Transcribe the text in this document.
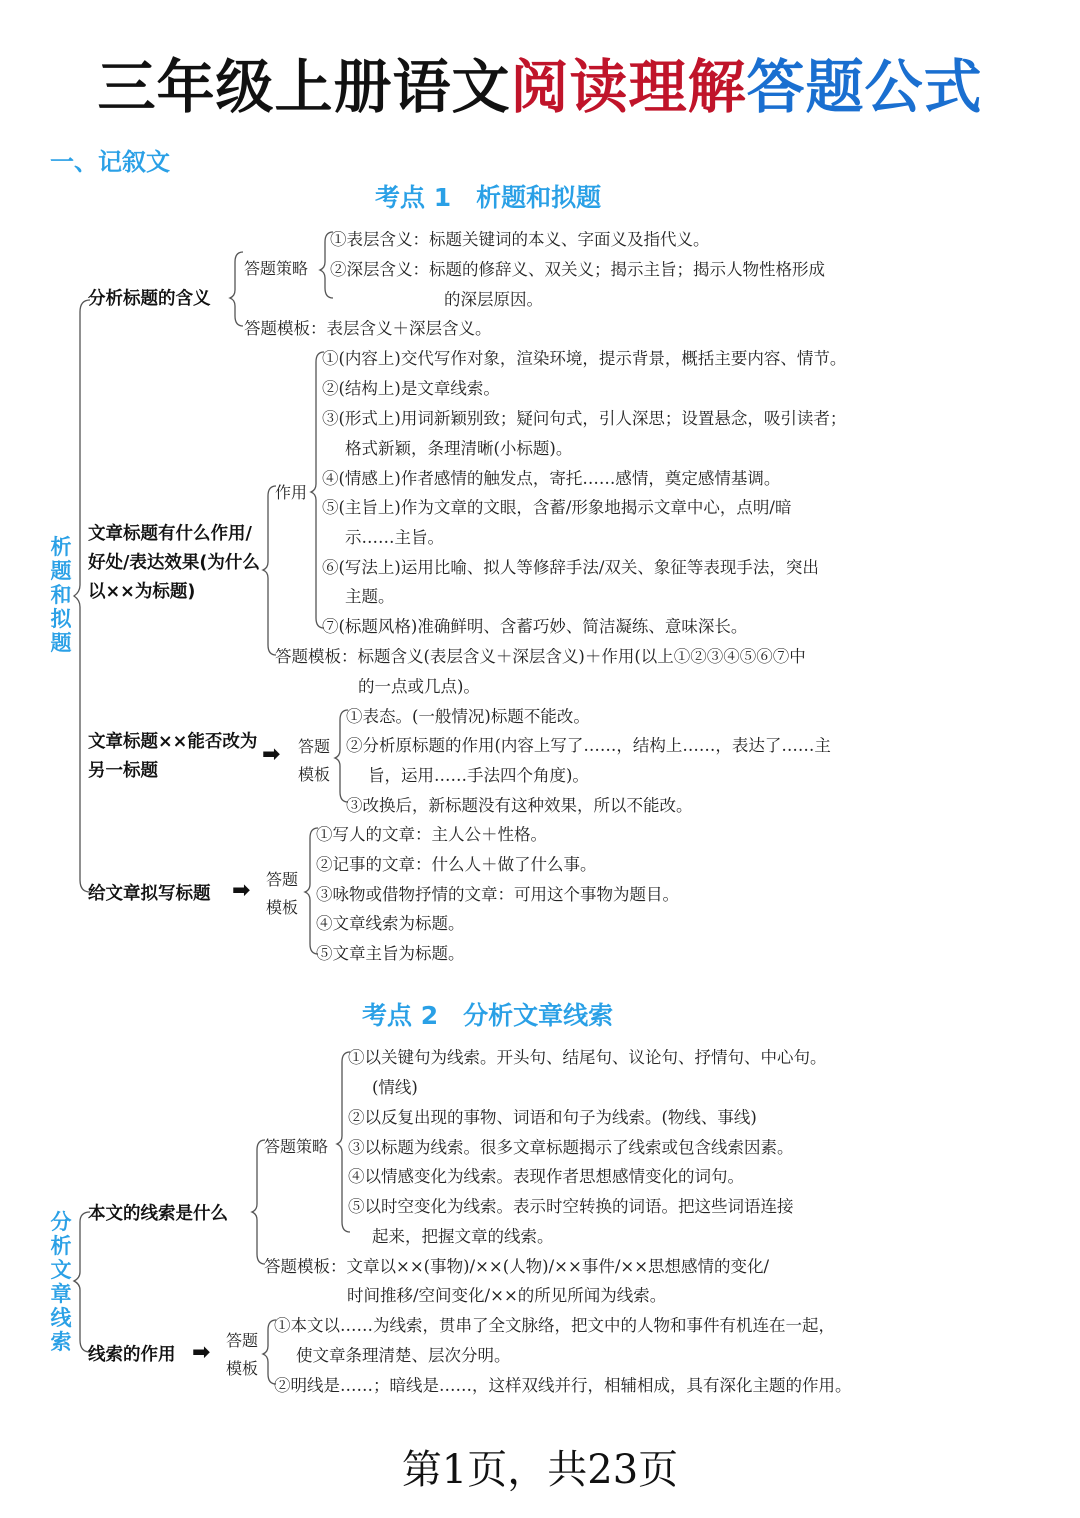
三年级上册语文阅读理解答题公式
一、记叙文
考点 1　析题和拟题
析题和拟题
分析文章线索
分析标题的含义
答题策略
①表层含义：标题关键词的本义、字面义及指代义。
②深层含义：标题的修辞义、双关义；揭示主旨；揭示人物性格形成
的深层原因。
答题模板：表层含义＋深层含义。
文章标题有什么作用/好处/表达效果(为什么以××为标题)
作用
①(内容上)交代写作对象，渲染环境，提示背景，概括主要内容、情节。
②(结构上)是文章线索。
③(形式上)用词新颖别致；疑问句式，引人深思；设置悬念，吸引读者；
格式新颖，条理清晰(小标题)。
④(情感上)作者感情的触发点，寄托……感情，奠定感情基调。
⑤(主旨上)作为文章的文眼，含蓄/形象地揭示文章中心，点明/暗
示……主旨。
⑥(写法上)运用比喻、拟人等修辞手法/双关、象征等表现手法，突出
主题。
⑦(标题风格)准确鲜明、含蓄巧妙、简洁凝练、意味深长。
答题模板：标题含义(表层含义＋深层含义)＋作用(以上①②③④⑤⑥⑦中
的一点或几点)。
文章标题××能否改为另一标题
➡ 答题模板
①表态。(一般情况)标题不能改。
②分析原标题的作用(内容上写了……，结构上……，表达了……主
旨，运用……手法四个角度)。
③改换后，新标题没有这种效果，所以不能改。
给文章拟写标题 ➡ 答题模板
①写人的文章：主人公＋性格。
②记事的文章：什么人＋做了什么事。
③咏物或借物抒情的文章：可用这个事物为题目。
④文章线索为标题。
⑤文章主旨为标题。
考点 2　分析文章线索
本文的线索是什么
答题策略
①以关键句为线索。开头句、结尾句、议论句、抒情句、中心句。
(情线)
②以反复出现的事物、词语和句子为线索。(物线、事线)
③以标题为线索。很多文章标题揭示了线索或包含线索因素。
④以情感变化为线索。表现作者思想感情变化的词句。
⑤以时空变化为线索。表示时空转换的词语。把这些词语连接
起来，把握文章的线索。
答题模板：文章以××(事物)/××(人物)/××事件/××思想感情的变化/
时间推移/空间变化/××的所见所闻为线索。
线索的作用 ➡ 答题模板
①本文以……为线索，贯串了全文脉络，把文中的人物和事件有机连在一起，
使文章条理清楚、层次分明。
②明线是……；暗线是……，这样双线并行，相辅相成，具有深化主题的作用。
第1页，共23页
